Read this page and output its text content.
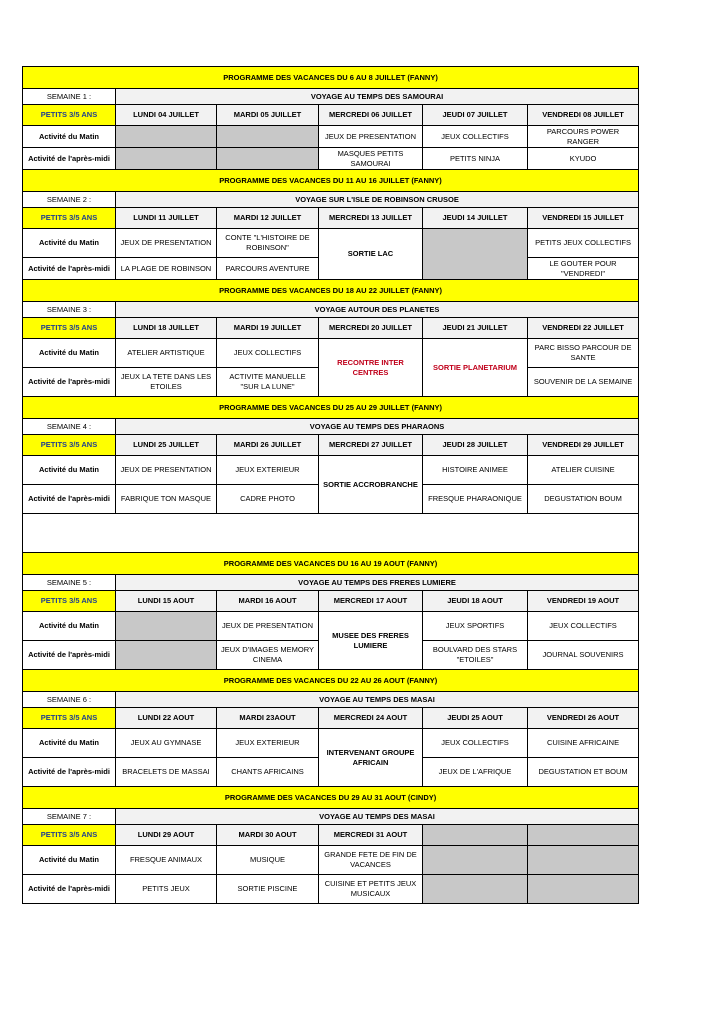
PROGRAMME DES VACANCES DU 6 AU 8 JUILLET (FANNY)					
SEMAINE 1 :	VOYAGE AU TEMPS DES SAMOURAI				
PETITS 3/5 ANS	LUNDI 04 JUILLET	MARDI 05 JUILLET	MERCREDI 06 JUILLET	JEUDI 07 JUILLET	VENDREDI 08 JUILLET
Activité du Matin			JEUX DE PRESENTATION	JEUX COLLECTIFS	PARCOURS POWER RANGER
Activité de l'après-midi			MASQUES PETITS SAMOURAI	PETITS NINJA	KYUDO
PROGRAMME DES VACANCES DU 11 AU 16 JUILLET (FANNY)					
SEMAINE 2 :	VOYAGE SUR L'ISLE DE ROBINSON CRUSOE				
PETITS 3/5 ANS	LUNDI 11 JUILLET	MARDI 12 JUILLET	MERCREDI 13 JUILLET	JEUDI 14 JUILLET	VENDREDI 15 JUILLET
Activité du Matin	JEUX DE PRESENTATION	CONTE "L'HISTOIRE DE ROBINSON"	SORTIE LAC		PETITS JEUX COLLECTIFS
Activité de l'après-midi	LA PLAGE DE ROBINSON	PARCOURS AVENTURE			LE GOUTER POUR "VENDREDI"
PROGRAMME DES VACANCES DU 18 AU 22 JUILLET (FANNY)					
SEMAINE 3 :	VOYAGE AUTOUR DES PLANETES				
PETITS 3/5 ANS	LUNDI 18 JUILLET	MARDI 19 JUILLET	MERCREDI 20 JUILLET	JEUDI 21 JUILLET	VENDREDI 22 JUILLET
Activité du Matin	ATELIER ARTISTIQUE	JEUX COLLECTIFS	RECONTRE INTER CENTRES	SORTIE PLANETARIUM	PARC BISSO PARCOUR DE SANTE
Activité de l'après-midi	JEUX LA TETE DANS LES ETOILES	ACTIVITE MANUELLE "SUR LA LUNE"			SOUVENIR DE LA SEMAINE
PROGRAMME DES VACANCES DU 25 AU 29 JUILLET (FANNY)					
SEMAINE 4 :	VOYAGE AU TEMPS DES PHARAONS				
PETITS 3/5 ANS	LUNDI 25 JUILLET	MARDI 26 JUILLET	MERCREDI 27 JUILLET	JEUDI 28 JUILLET	VENDREDI 29 JUILLET
Activité du Matin	JEUX DE PRESENTATION	JEUX EXTERIEUR	SORTIE ACCROBRANCHE	HISTOIRE ANIMEE	ATELIER CUISINE
Activité de l'après-midi	FABRIQUE TON MASQUE	CADRE PHOTO		FRESQUE PHARAONIQUE	DEGUSTATION BOUM

PROGRAMME DES VACANCES DU 16 AU 19 AOUT (FANNY)					
SEMAINE 5 :	VOYAGE AU TEMPS DES FRERES LUMIERE				
PETITS 3/5 ANS	LUNDI 15 AOUT	MARDI 16 AOUT	MERCREDI 17 AOUT	JEUDI 18 AOUT	VENDREDI 19 AOUT
Activité du Matin		JEUX DE PRESENTATION	MUSEE DES FRERES LUMIERE	JEUX SPORTIFS	JEUX COLLECTIFS
Activité de l'après-midi		JEUX D'IMAGES MEMORY CINEMA		BOULVARD DES STARS "ETOILES"	JOURNAL SOUVENIRS
PROGRAMME DES VACANCES DU 22 AU 26 AOUT (FANNY)					
SEMAINE 6 :	VOYAGE AU TEMPS DES MASAI				
PETITS 3/5 ANS	LUNDI 22 AOUT	MARDI 23AOUT	MERCREDI 24 AOUT	JEUDI 25 AOUT	VENDREDI 26 AOUT
Activité du Matin	JEUX AU GYMNASE	JEUX EXTERIEUR	INTERVENANT GROUPE AFRICAIN	JEUX COLLECTIFS	CUISINE AFRICAINE
Activité de l'après-midi	BRACELETS DE MASSAI	CHANTS AFRICAINS		JEUX DE L'AFRIQUE	DEGUSTATION ET BOUM
PROGRAMME DES VACANCES DU 29 AU 31 AOUT (CINDY)					
SEMAINE 7 :	VOYAGE AU TEMPS DES MASAI				
PETITS 3/5 ANS	LUNDI 29 AOUT	MARDI 30 AOUT	MERCREDI 31 AOUT		
Activité du Matin	FRESQUE ANIMAUX	MUSIQUE	GRANDE FETE DE FIN DE VACANCES		
Activité de l'après-midi	PETITS JEUX	SORTIE PISCINE	CUISINE ET PETITS JEUX MUSICAUX		
